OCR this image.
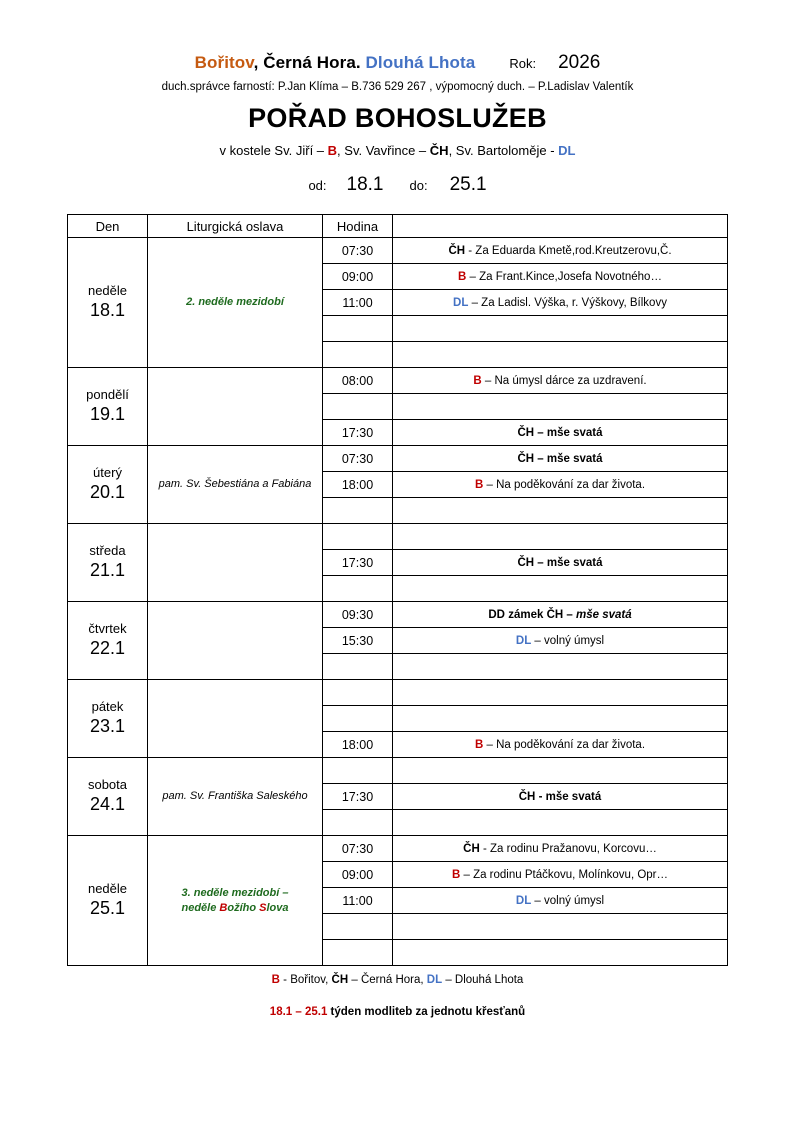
Bořitov, Černá Hora. Dlouhá Lhota	Rok: 2026
duch.správce farností: P.Jan Klíma – B.736 529 267 , výpomocný duch. – P.Ladislav Valentík
POŘAD BOHOSLUŽEB
v kostele Sv. Jiří – B, Sv. Vavřince – ČH, Sv. Bartoloměje - DL
od: 18.1 do: 25.1
Den	Liturgická oslava	Hodina	

neděle
18.1	2. neděle mezidobí	07:30	ČH - Za Eduarda Kmetě,rod.Kreutzerovu,Č.
		09:00	B – Za Frant.Kince,Josefa Novotného…
		11:00	DL – Za Ladisl. Výška, r. Výškovy, Bílkovy

pondělí
19.1		08:00	B – Na úmysl dárce za uzdravení.

		17:30	ČH – mše svatá

úterý
20.1	pam. Sv. Šebestiána a Fabiána	07:30	ČH – mše svatá
		18:00	B – Na poděkování za dar života.

středa
21.1			

		17:30	ČH – mše svatá

čtvrtek
22.1		09:30	DD zámek ČH – mše svatá
		15:30	DL – volný úmysl

pátek
23.1			

		18:00	B – Na poděkování za dar života.

sobota
24.1	pam. Sv. Františka Saleského		
		17:30	ČH - mše svatá

neděle
25.1	3. neděle mezidobí –
neděle Božího Slova	07:30	ČH - Za rodinu Pražanovu, Korcovu…
		09:00	B – Za rodinu Ptáčkovu, Molínkovu, Opr…
		11:00	DL – volný úmysl

B - Bořitov, ČH – Černá Hora, DL – Dlouhá Lhota
18.1 – 25.1 týden modliteb za jednotu křesťanů
